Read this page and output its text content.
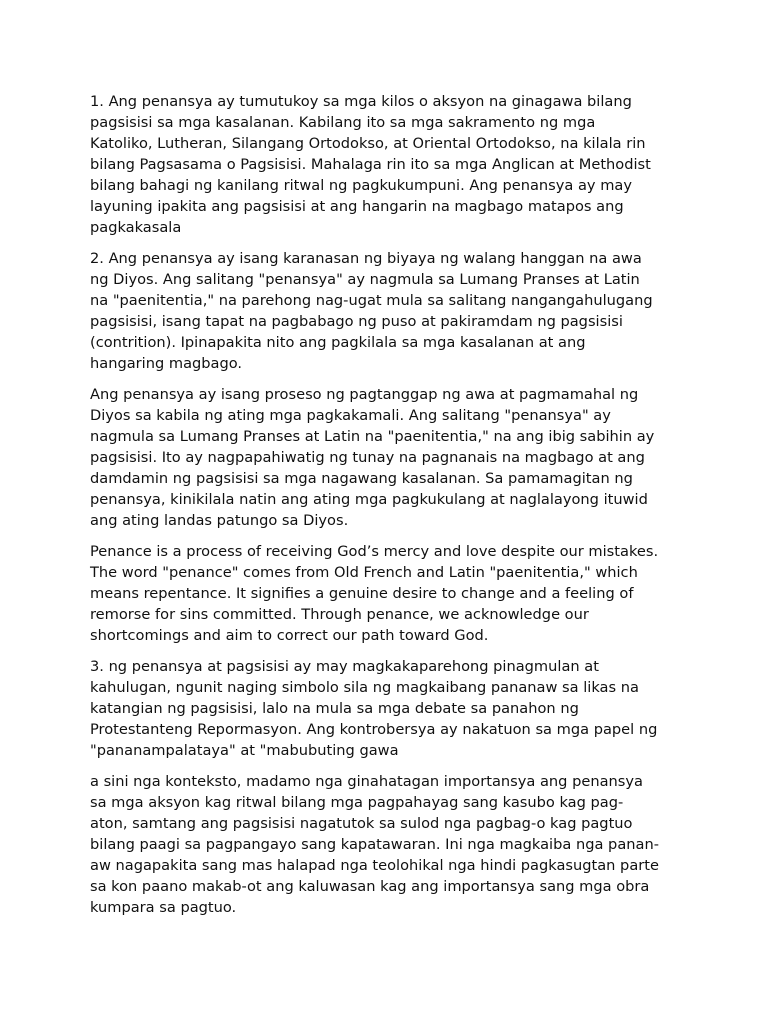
1. Ang penansya ay tumutukoy sa mga kilos o aksyon na ginagawa bilang
pagsisisi sa mga kasalanan. Kabilang ito sa mga sakramento ng mga
Katoliko, Lutheran, Silangang Ortodokso, at Oriental Ortodokso, na kilala rin
bilang Pagsasama o Pagsisisi. Mahalaga rin ito sa mga Anglican at Methodist
bilang bahagi ng kanilang ritwal ng pagkukumpuni. Ang penansya ay may
layuning ipakita ang pagsisisi at ang hangarin na magbago matapos ang
pagkakasala

2. Ang penansya ay isang karanasan ng biyaya ng walang hanggan na awa
ng Diyos. Ang salitang "penansya" ay nagmula sa Lumang Pranses at Latin
na "paenitentia," na parehong nag-ugat mula sa salitang nangangahulugang
pagsisisi, isang tapat na pagbabago ng puso at pakiramdam ng pagsisisi
(contrition). Ipinapakita nito ang pagkilala sa mga kasalanan at ang
hangaring magbago.

Ang penansya ay isang proseso ng pagtanggap ng awa at pagmamahal ng
Diyos sa kabila ng ating mga pagkakamali. Ang salitang "penansya" ay
nagmula sa Lumang Pranses at Latin na "paenitentia," na ang ibig sabihin ay
pagsisisi. Ito ay nagpapahiwatig ng tunay na pagnanais na magbago at ang
damdamin ng pagsisisi sa mga nagawang kasalanan. Sa pamamagitan ng
penansya, kinikilala natin ang ating mga pagkukulang at naglalayong ituwid
ang ating landas patungo sa Diyos.

Penance is a process of receiving God’s mercy and love despite our mistakes.
The word "penance" comes from Old French and Latin "paenitentia," which
means repentance. It signifies a genuine desire to change and a feeling of
remorse for sins committed. Through penance, we acknowledge our
shortcomings and aim to correct our path toward God.

3. ng penansya at pagsisisi ay may magkakaparehong pinagmulan at
kahulugan, ngunit naging simbolo sila ng magkaibang pananaw sa likas na
katangian ng pagsisisi, lalo na mula sa mga debate sa panahon ng
Protestanteng Repormasyon. Ang kontrobersya ay nakatuon sa mga papel ng
"pananampalataya" at "mabubuting gawa

a sini nga konteksto, madamo nga ginahatagan importansya ang penansya
sa mga aksyon kag ritwal bilang mga pagpahayag sang kasubo kag pag-
aton, samtang ang pagsisisi nagatutok sa sulod nga pagbag-o kag pagtuo
bilang paagi sa pagpangayo sang kapatawaran. Ini nga magkaiba nga panan-
aw nagapakita sang mas halapad nga teolohikal nga hindi pagkasugtan parte
sa kon paano makab-ot ang kaluwasan kag ang importansya sang mga obra
kumpara sa pagtuo.
